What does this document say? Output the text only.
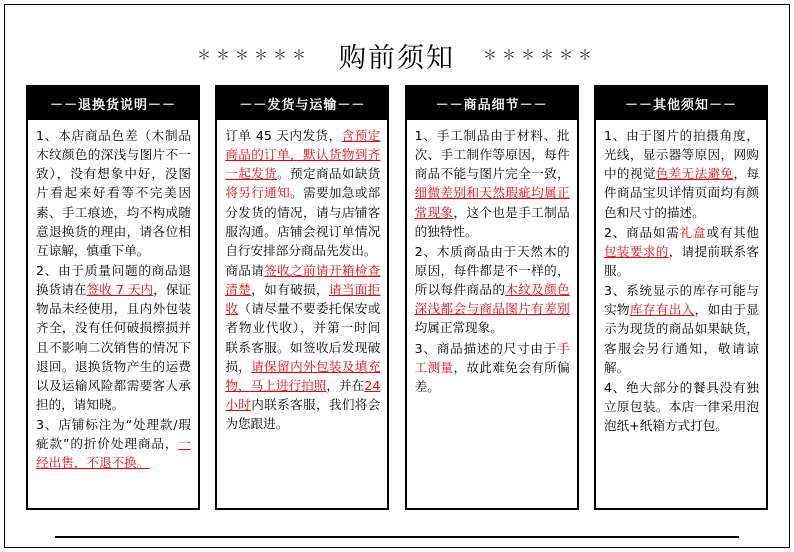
＊＊＊＊＊＊ 购前须知 ＊＊＊＊＊＊
－－退换货说明－－

1、本店商品色差（木制品木纹颜色的深浅与图片不一致），没有想象中好，没图片看起来好看等不完美因素、手工痕迹，均不构成随意退换货的理由，请各位相互谅解，慎重下单。

2、由于质量问题的商品退换货请在签收 7 天内，保证物品未经使用，且内外包装齐全，没有任何破损擦损并且不影响二次销售的情况下退回。退换货物产生的运费以及运输风险都需要客人承担的，请知晓。

3、店铺标注为“处理款/瑕疵款”的折价处理商品，一经出售，不退不换。

－－发货与运输－－

订单 45 天内发货，含预定商品的订单，默认货物到齐一起发货。预定商品如缺货将另行通知。需要加急或部分发货的情况，请与店铺客服沟通。店铺会视订单情况自行安排部分商品先发出。

商品请签收之前请开箱检查清楚，如有破损，请当面拒收（请尽量不要委托保安或者物业代收），并第一时间联系客服。如签收后发现破损，请保留内外包装及填充物，马上进行拍照，并在24 小时内联系客服，我们将会为您跟进。

－－商品细节－－

1、手工制品由于材料、批次、手工制作等原因，每件商品不能与图片完全一致，细微差别和天然瑕疵均属正常现象，这个也是手工制品的独特性。

2、木质商品由于天然木的原因，每件都是不一样的，所以每件商品的木纹及颜色深浅都会与商品图片有差别均属正常现象。

3、商品描述的尺寸由于手工测量，故此难免会有所偏差。

－－其他须知－－

1、由于图片的拍摄角度，光线，显示器等原因，网购中的视觉色差无法避免，每件商品宝贝详情页面均有颜色和尺寸的描述。

2、商品如需礼盒或有其他包装要求的，请提前联系客服。

3、系统显示的库存可能与实物库存有出入，如由于显示为现货的商品如果缺货，客服会另行通知，敬请谅解。

4、绝大部分的餐具没有独立原包装。本店一律采用泡泡纸+纸箱方式打包。
